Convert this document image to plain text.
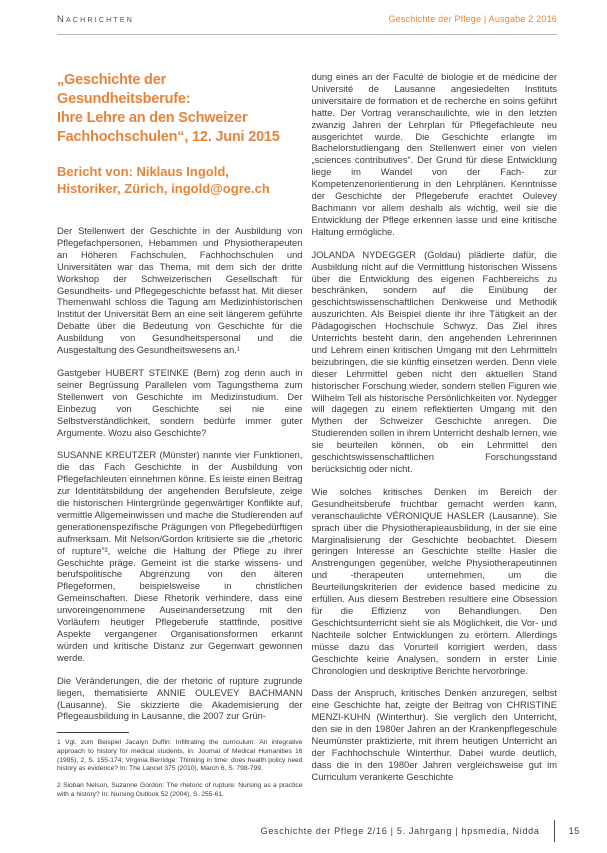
Nachrichten	Geschichte der Pflege | Ausgabe 2 2016
„Geschichte der Gesundheitsberufe:
Ihre Lehre an den Schweizer
Fachhochschulen“, 12. Juni 2015
Bericht von: Niklaus Ingold,
Historiker, Zürich, ingold@ogre.ch

Der Stellenwert der Geschichte in der Ausbildung von Pflegefachpersonen, Hebammen und Physiotherapeuten an Höheren Fachschulen, Fachhochschulen und Universitäten war das Thema, mit dem sich der dritte Workshop der Schweizerischen Gesellschaft für Gesundheits- und Pflegegeschichte befasst hat. Mit dieser Themenwahl schloss die Tagung am Medizinhistorischen Institut der Universität Bern an eine seit längerem geführte Debatte über die Bedeutung von Geschichte für die Ausbildung von Gesundheitspersonal und die Ausgestaltung des Gesundheitswesens an.¹

Gastgeber HUBERT STEINKE (Bern) zog denn auch in seiner Begrüssung Parallelen vom Tagungsthema zum Stellenwert von Geschichte im Medizinstudium. Der Einbezug von Geschichte sei nie eine Selbstverständlichkeit, sondern bedürfe immer guter Argumente. Wozu also Geschichte?

SUSANNE KREUTZER (Münster) nannte vier Funktionen, die das Fach Geschichte in der Ausbildung von Pflegefachleuten einnehmen könne. Es leiste einen Beitrag zur Identitätsbildung der angehenden Berufsleute, zeige die historischen Hintergründe gegenwärtiger Konflikte auf, vermittle Allgemeinwissen und mache die Studierenden auf generationenspezifische Prägungen von Pflegebedürftigen aufmerksam. Mit Nelson/Gordon kritisierte sie die „rhetoric of rupture“², welche die Haltung der Pflege zu ihrer Geschichte präge. Gemeint ist die starke wissens- und berufspolitische Abgrenzung von den älteren Pflegeformen, beispielsweise in christlichen Gemeinschaften. Diese Rhetorik verhindere, dass eine unvoreingenommene Auseinandersetzung mit den Vorläufern heutiger Pflegeberufe stattfinde, positive Aspekte vergangener Organisationsformen erkannt würden und kritische Distanz zur Gegenwart gewonnen werde.

Die Veränderungen, die der rhetoric of rupture zugrunde liegen, thematisierte ANNIE OULEVEY BACHMANN (Lausanne). Sie skizzierte die Akademisierung der Pflegeausbildung in Lausanne, die 2007 zur Grün-

1 Vgl. zum Beispiel Jacalyn Duffin: Infiltrating the curriculum: An integrative approach to history for medical students, in: Journal of Medical Humanities 16 (1995), 2, S. 155-174; Virginia Berridge: Thinking in time: does health policy need history as evidence? In: The Lancet 375 (2010), March 6, S. 798-799.

2 Sioban Nelson, Suzanne Gordon: The rhetoric of rupture: Nursing as a practice with a history? In: Nursing Outlook 52 (2004), S. 255-61.

dung eines an der Faculté de biologie et de médicine der Université de Lausanne angesiedelten Instituts universitaire de formation et de recherche en soins geführt hatte. Der Vortrag veranschaulichte, wie in den letzten zwanzig Jahren der Lehrplan für Pflegefachleute neu ausgerichtet wurde. Die Geschichte erlangte im Bachelorstudiengang den Stellenwert einer von vielen „sciences contributives“. Der Grund für diese Entwicklung liege im Wandel von der Fach- zur Kompetenzenorientierung in den Lehrplänen. Kenntnisse der Geschichte der Pflegeberufe erachtet Oulevey Bachmann vor allem deshalb als wichtig, weil sie die Entwicklung der Pflege erkennen lasse und eine kritische Haltung ermögliche.

JOLANDA NYDEGGER (Goldau) plädierte dafür, die Ausbildung nicht auf die Vermittlung historischen Wissens über die Entwicklung des eigenen Fachbereichs zu beschränken, sondern auf die Einübung der geschichtswissenschaftlichen Denkweise und Methodik auszurichten. Als Beispiel diente ihr ihre Tätigkeit an der Pädagogischen Hochschule Schwyz. Das Ziel ihres Unterrichts besteht darin, den angehenden Lehrerinnen und Lehrern einen kritischen Umgang mit den Lehrmitteln beizubringen, die sie künftig einsetzen werden. Denn viele dieser Lehrmittel geben nicht den aktuellen Stand historischer Forschung wieder, sondern stellen Figuren wie Wilhelm Tell als historische Persönlichkeiten vor. Nydegger will dagegen zu einem reflektierten Umgang mit den Mythen der Schweizer Geschichte anregen. Die Studierenden sollen in ihrem Unterricht deshalb lernen, wie sie beurteilen können, ob ein Lehrmittel den geschichtswissenschaftlichen Forschungsstand berücksichtig oder nicht.

Wie solches kritisches Denken im Bereich der Gesundheitsberufe fruchtbar gemacht werden kann, veranschaulichte VÉRONIQUE HASLER (Lausanne). Sie sprach über die Physiotherapieausbildung, in der sie eine Marginalisierung der Geschichte beobachtet. Diesem geringen Interesse an Geschichte stellte Hasler die Anstrengungen gegenüber, welche Physiotherapeutinnen und -therapeuten unternehmen, um die Beurteilungskriterien der evidence based medicine zu erfüllen. Aus diesem Bestreben resultiere eine Obsession für die Effizienz von Behandlungen. Den Geschichtsunterricht sieht sie als Möglichkeit, die Vor- und Nachteile solcher Entwicklungen zu erörtern. Allerdings müsse dazu das Vorurteil korrigiert werden, dass Geschichte keine Analysen, sondern in erster Linie Chronologien und deskriptive Berichte hervorbringe.

Dass der Anspruch, kritisches Denken anzuregen, selbst eine Geschichte hat, zeigte der Beitrag von CHRISTINE MENZI-KUHN (Winterthur). Sie verglich den Unterricht, den sie in den 1980er Jahren an der Krankenpflegeschule Neumünster praktizierte, mit ihrem heutigen Unterricht an der Fachhochschule Winterthur. Dabei wurde deutlich, dass die in den 1980er Jahren vergleichsweise gut im Curriculum verankerte Geschichte

Geschichte der Pflege 2/16 | 5. Jahrgang | hpsmedia, Nidda	15
